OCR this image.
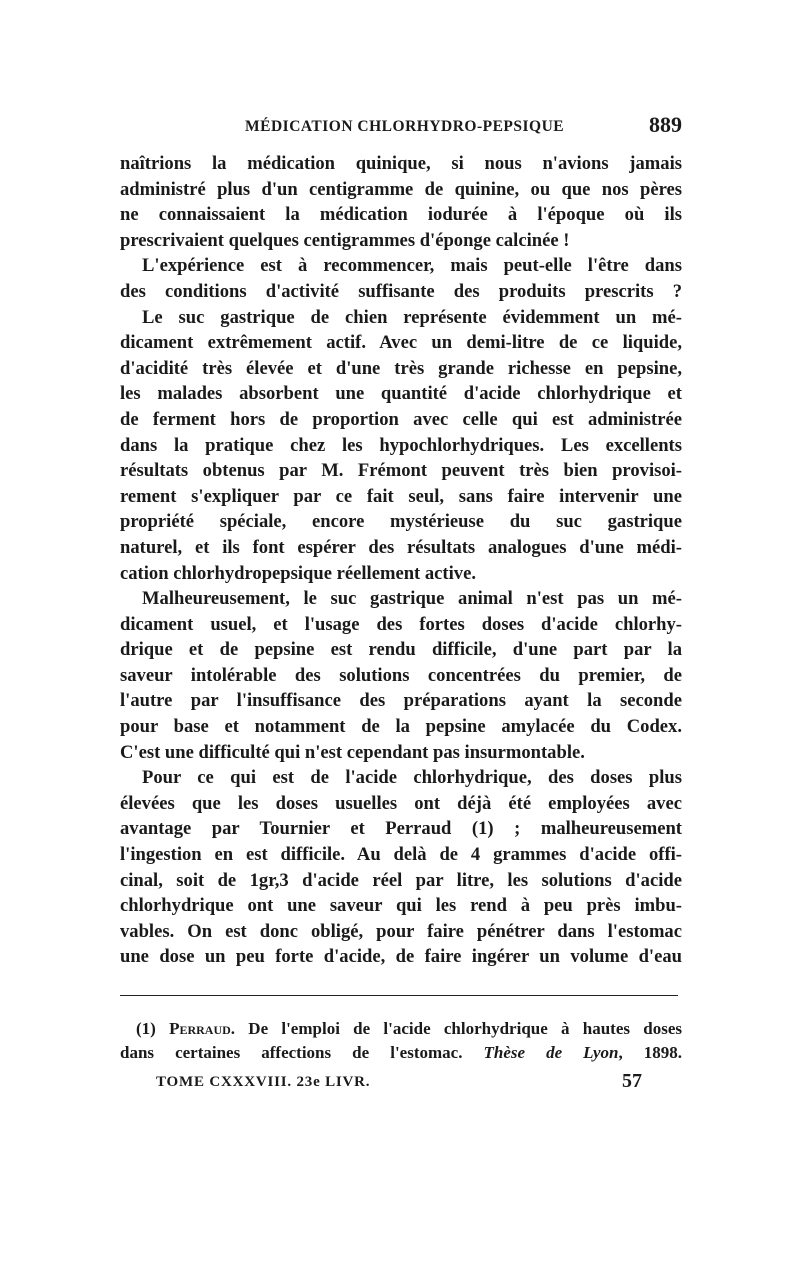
MÉDICATION CHLORHYDRO-PEPSIQUE	889
naîtrions la médication quinique, si nous n'avions jamais
administré plus d'un centigramme de quinine, ou que nos pères
ne connaissaient la médication iodurée à l'époque où ils
prescrivaient quelques centigrammes d'éponge calcinée !
L'expérience est à recommencer, mais peut-elle l'être dans
des conditions d'activité suffisante des produits prescrits ?
Le suc gastrique de chien représente évidemment un mé-
dicament extrêmement actif. Avec un demi-litre de ce liquide,
d'acidité très élevée et d'une très grande richesse en pepsine,
les malades absorbent une quantité d'acide chlorhydrique et
de ferment hors de proportion avec celle qui est administrée
dans la pratique chez les hypochlorhydriques. Les excellents
résultats obtenus par M. Frémont peuvent très bien provisoi-
rement s'expliquer par ce fait seul, sans faire intervenir une
propriété spéciale, encore mystérieuse du suc gastrique
naturel, et ils font espérer des résultats analogues d'une médi-
cation chlorhydropepsique réellement active.
Malheureusement, le suc gastrique animal n'est pas un mé-
dicament usuel, et l'usage des fortes doses d'acide chlorhy-
drique et de pepsine est rendu difficile, d'une part par la
saveur intolérable des solutions concentrées du premier, de
l'autre par l'insuffisance des préparations ayant la seconde
pour base et notamment de la pepsine amylacée du Codex.
C'est une difficulté qui n'est cependant pas insurmontable.
Pour ce qui est de l'acide chlorhydrique, des doses plus
élevées que les doses usuelles ont déjà été employées avec
avantage par Tournier et Perraud (1) ; malheureusement
l'ingestion en est difficile. Au delà de 4 grammes d'acide offi-
cinal, soit de 1gr,3 d'acide réel par litre, les solutions d'acide
chlorhydrique ont une saveur qui les rend à peu près imbu-
vables. On est donc obligé, pour faire pénétrer dans l'estomac
une dose un peu forte d'acide, de faire ingérer un volume d'eau
(1) Perraud. De l'emploi de l'acide chlorhydrique à hautes doses
dans certaines affections de l'estomac. Thèse de Lyon, 1898.
TOME CXXXVIII. 23e LIVR.	57
